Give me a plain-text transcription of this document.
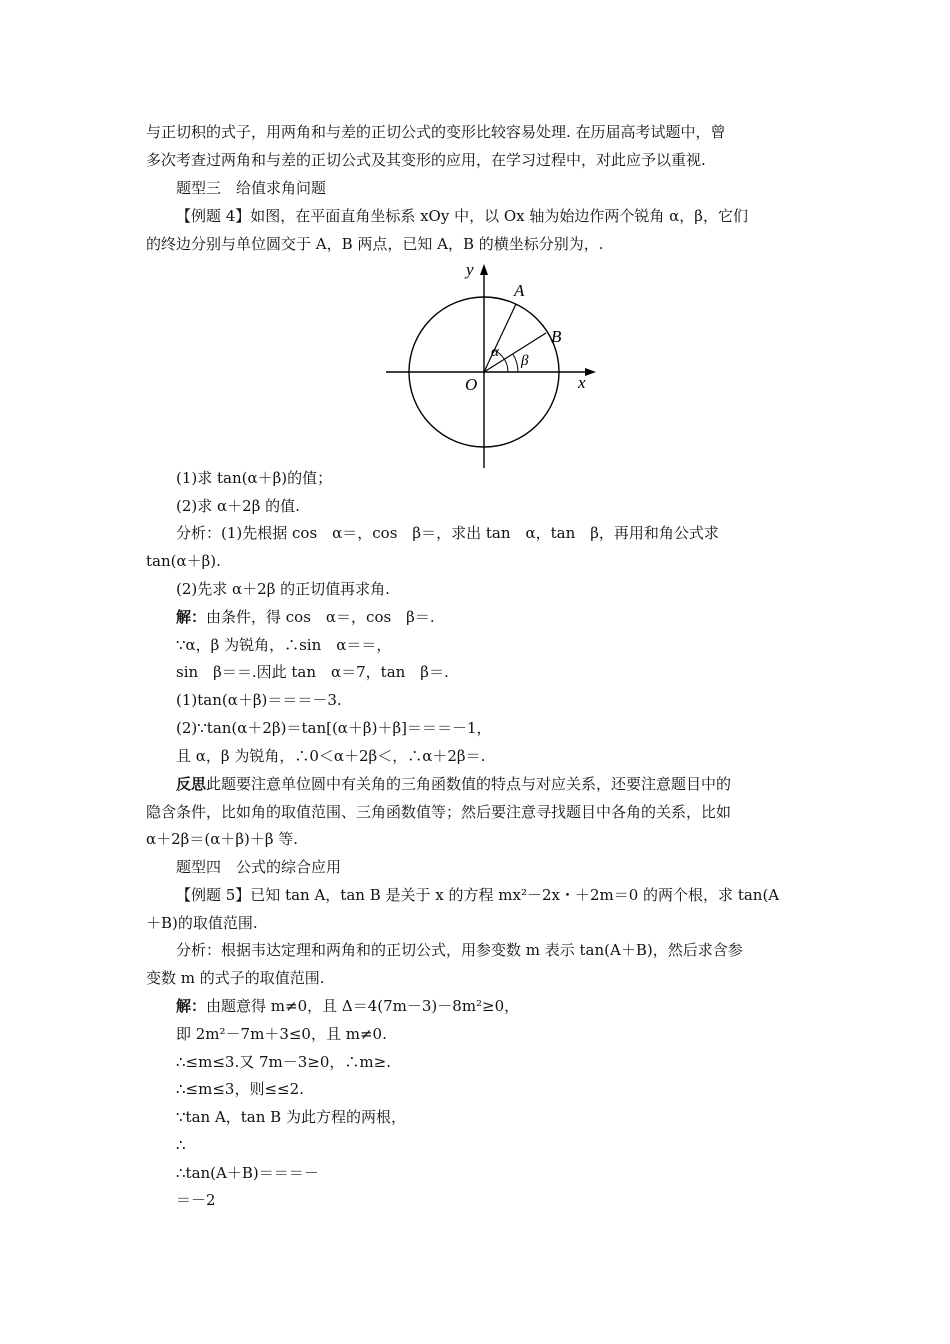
与正切积的式子，用两角和与差的正切公式的变形比较容易处理. 在历届高考试题中，曾
多次考查过两角和与差的正切公式及其变形的应用，在学习过程中，对此应予以重视.
题型三　给值求角问题
【例题 4】如图，在平面直角坐标系 xOy 中，以 Ox 轴为始边作两个锐角 α，β，它们
的终边分别与单位圆交于 A，B 两点，已知 A，B 的横坐标分别为，.
y
x
O
A
B
α
β
(1)求 tan(α＋β)的值；
(2)求 α＋2β 的值.
分析：(1)先根据 cos　α＝，cos　β＝，求出 tan　α，tan　β，再用和角公式求
tan(α＋β).
(2)先求 α＋2β 的正切值再求角.
解：由条件，得 cos　α＝，cos　β＝.
∵α，β 为锐角，∴sin　α＝＝，
sin　β＝＝.因此 tan　α＝7，tan　β＝.
(1)tan(α＋β)＝＝＝－3.
(2)∵tan(α＋2β)＝tan[(α＋β)＋β]＝＝＝－1，
且 α，β 为锐角，∴0＜α＋2β＜，∴α＋2β＝.
反思此题要注意单位圆中有关角的三角函数值的特点与对应关系，还要注意题目中的
隐含条件，比如角的取值范围、三角函数值等；然后要注意寻找题目中各角的关系，比如
α＋2β＝(α＋β)＋β 等.
题型四　公式的综合应用
【例题 5】已知 tan A，tan B 是关于 x 的方程 mx²－2x・＋2m＝0 的两个根，求 tan(A
＋B)的取值范围.
分析：根据韦达定理和两角和的正切公式，用参变数 m 表示 tan(A＋B)，然后求含参
变数 m 的式子的取值范围.
解：由题意得 m≠0，且 Δ＝4(7m－3)－8m²≥0，
即 2m²－7m＋3≤0，且 m≠0.
∴≤m≤3.又 7m－3≥0，∴m≥.
∴≤m≤3，则≤≤2.
∵tan A，tan B 为此方程的两根，
∴
∴tan(A＋B)＝＝＝－
＝－2
